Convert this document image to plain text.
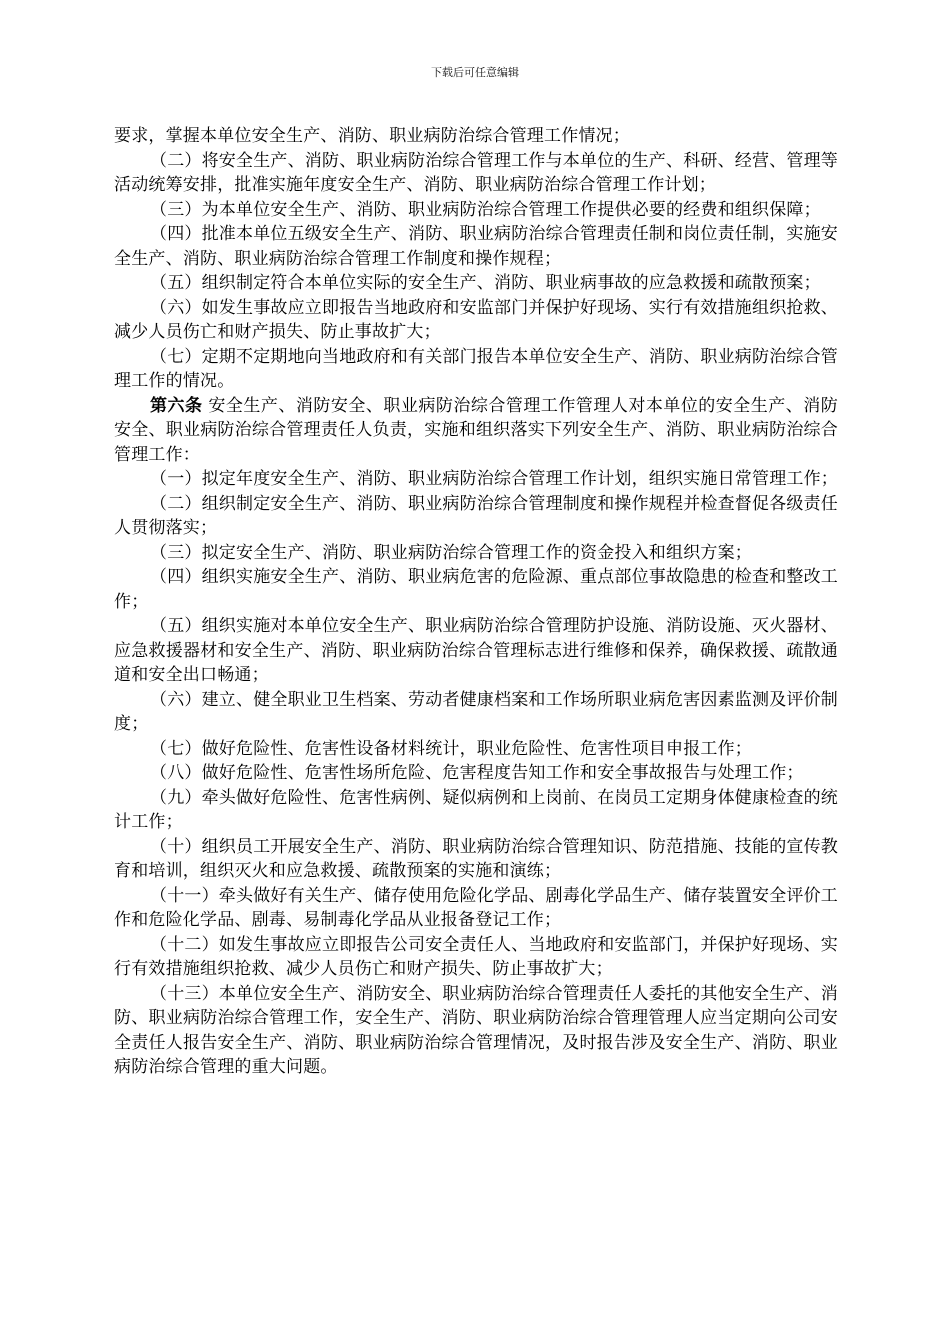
下载后可任意编辑

要求，掌握本单位安全生产、消防、职业病防治综合管理工作情况；

（二）将安全生产、消防、职业病防治综合管理工作与本单位的生产、科研、经营、管理等活动统筹安排，批准实施年度安全生产、消防、职业病防治综合管理工作计划；

（三）为本单位安全生产、消防、职业病防治综合管理工作提供必要的经费和组织保障；

（四）批准本单位五级安全生产、消防、职业病防治综合管理责任制和岗位责任制，实施安全生产、消防、职业病防治综合管理工作制度和操作规程；

（五）组织制定符合本单位实际的安全生产、消防、职业病事故的应急救援和疏散预案；

（六）如发生事故应立即报告当地政府和安监部门并保护好现场、实行有效措施组织抢救、减少人员伤亡和财产损失、防止事故扩大；

（七）定期不定期地向当地政府和有关部门报告本单位安全生产、消防、职业病防治综合管理工作的情况。

第六条 安全生产、消防安全、职业病防治综合管理工作管理人对本单位的安全生产、消防安全、职业病防治综合管理责任人负责，实施和组织落实下列安全生产、消防、职业病防治综合管理工作：

（一）拟定年度安全生产、消防、职业病防治综合管理工作计划，组织实施日常管理工作；

（二）组织制定安全生产、消防、职业病防治综合管理制度和操作规程并检查督促各级责任人贯彻落实；

（三）拟定安全生产、消防、职业病防治综合管理工作的资金投入和组织方案；

（四）组织实施安全生产、消防、职业病危害的危险源、重点部位事故隐患的检查和整改工作；

（五）组织实施对本单位安全生产、职业病防治综合管理防护设施、消防设施、灭火器材、应急救援器材和安全生产、消防、职业病防治综合管理标志进行维修和保养，确保救援、疏散通道和安全出口畅通；

（六）建立、健全职业卫生档案、劳动者健康档案和工作场所职业病危害因素监测及评价制度；

（七）做好危险性、危害性设备材料统计，职业危险性、危害性项目申报工作；

（八）做好危险性、危害性场所危险、危害程度告知工作和安全事故报告与处理工作；

（九）牵头做好危险性、危害性病例、疑似病例和上岗前、在岗员工定期身体健康检查的统计工作；

（十）组织员工开展安全生产、消防、职业病防治综合管理知识、防范措施、技能的宣传教育和培训，组织灭火和应急救援、疏散预案的实施和演练；

（十一）牵头做好有关生产、储存使用危险化学品、剧毒化学品生产、储存装置安全评价工作和危险化学品、剧毒、易制毒化学品从业报备登记工作；

（十二）如发生事故应立即报告公司安全责任人、当地政府和安监部门，并保护好现场、实行有效措施组织抢救、减少人员伤亡和财产损失、防止事故扩大；

（十三）本单位安全生产、消防安全、职业病防治综合管理责任人委托的其他安全生产、消防、职业病防治综合管理工作，安全生产、消防、职业病防治综合管理管理人应当定期向公司安全责任人报告安全生产、消防、职业病防治综合管理情况，及时报告涉及安全生产、消防、职业病防治综合管理的重大问题。
